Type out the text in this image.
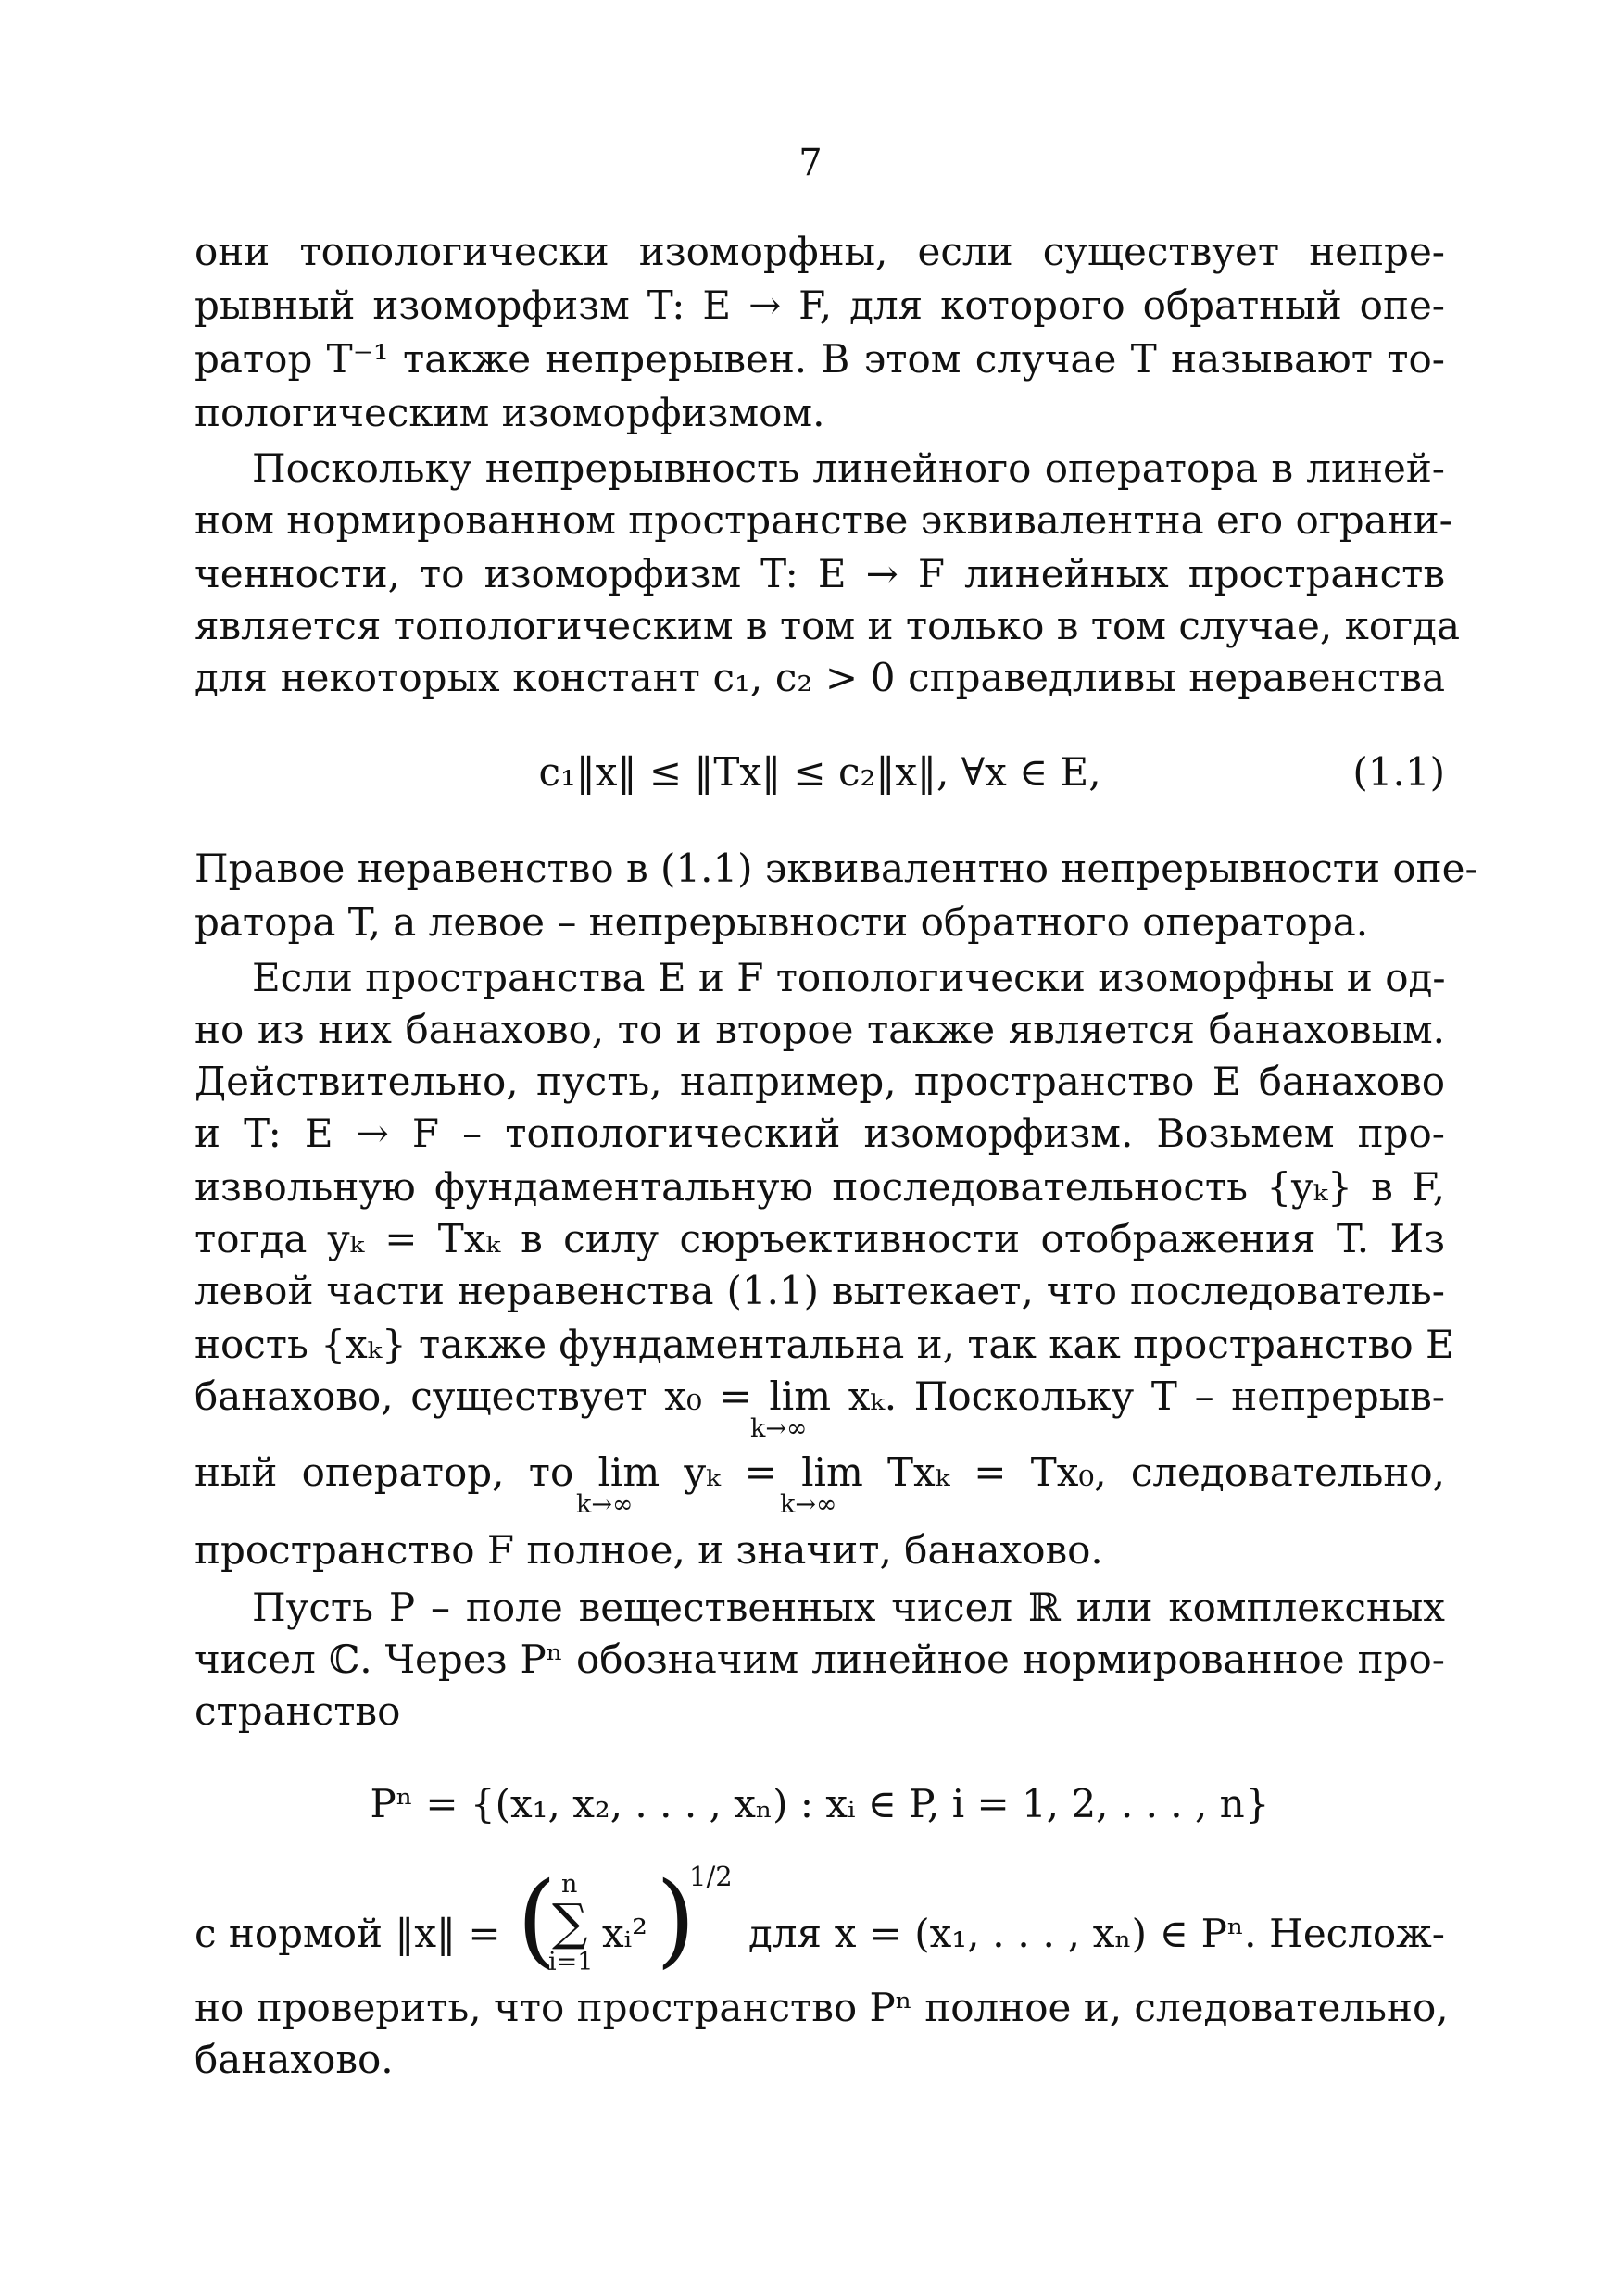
7
они топологически изоморфны, если существует непре-
рывный изоморфизм T: E → F, для которого обратный опе-
ратор T⁻¹ также непрерывен. В этом случае T называют то-
пологическим изоморфизмом.
Поскольку непрерывность линейного оператора в линей-
ном нормированном пространстве эквивалентна его ограни-
ченности, то изоморфизм T: E → F линейных пространств
является топологическим в том и только в том случае, когда
для некоторых констант c₁, c₂ > 0 справедливы неравенства
c₁‖x‖ ≤ ‖Tx‖ ≤ c₂‖x‖, ∀x ∈ E,	(1.1)
Правое неравенство в (1.1) эквивалентно непрерывности опе-
ратора T, а левое – непрерывности обратного оператора.
Если пространства E и F топологически изоморфны и од-
но из них банахово, то и второе также является банаховым.
Действительно, пусть, например, пространство E банахово
и T: E → F – топологический изоморфизм. Возьмем про-
извольную фундаментальную последовательность {yₖ} в F,
тогда yₖ = Txₖ в силу сюръективности отображения T. Из
левой части неравенства (1.1) вытекает, что последователь-
ность {xₖ} также фундаментальна и, так как пространство E
банахово, существует x₀ = lim xₖ. Поскольку T – непрерыв-
k→∞
ный оператор, то lim yₖ = lim Txₖ = Tx₀, следовательно,
k→∞	k→∞
пространство F полное, и значит, банахово.
Пусть P – поле вещественных чисел ℝ или комплексных
чисел ℂ. Через Pⁿ обозначим линейное нормированное про-
странство
Pⁿ = {(x₁, x₂, . . . , xₙ) : xᵢ ∈ P, i = 1, 2, . . . , n}
с нормой ‖x‖ = ( n
∑
i=1
xᵢ² )
1/2
для x = (x₁, . . . , xₙ) ∈ Pⁿ. Неслож-
но проверить, что пространство Pⁿ полное и, следовательно,
банахово.
